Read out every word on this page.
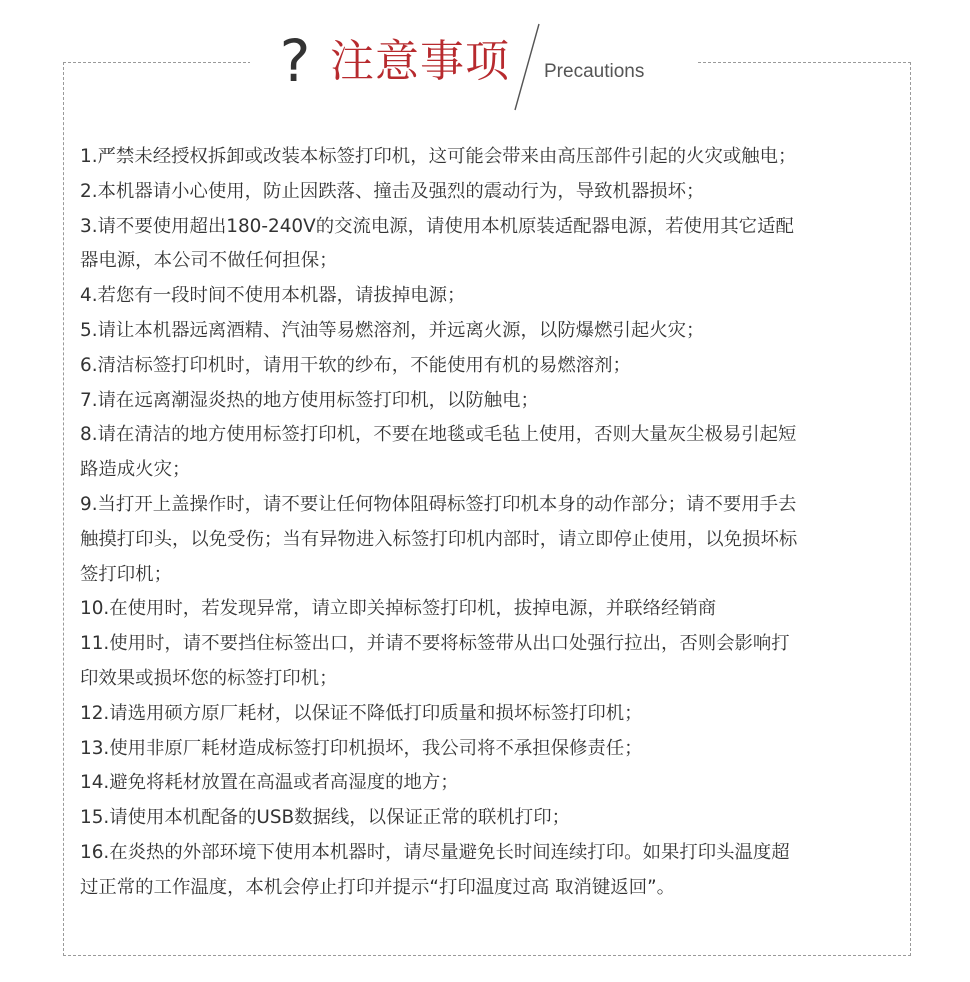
? 注意事项 Precautions
1.严禁未经授权拆卸或改装本标签打印机，这可能会带来由高压部件引起的火灾或触电；
2.本机器请小心使用，防止因跌落、撞击及强烈的震动行为，导致机器损坏；
3.请不要使用超出180-240V的交流电源，请使用本机原装适配器电源，若使用其它适配
器电源，本公司不做任何担保；
4.若您有一段时间不使用本机器，请拔掉电源；
5.请让本机器远离酒精、汽油等易燃溶剂，并远离火源，以防爆燃引起火灾；
6.清洁标签打印机时，请用干软的纱布，不能使用有机的易燃溶剂；
7.请在远离潮湿炎热的地方使用标签打印机，以防触电；
8.请在清洁的地方使用标签打印机，不要在地毯或毛毡上使用，否则大量灰尘极易引起短
路造成火灾；
9.当打开上盖操作时，请不要让任何物体阻碍标签打印机本身的动作部分；请不要用手去
触摸打印头，以免受伤；当有异物进入标签打印机内部时，请立即停止使用，以免损坏标
签打印机；
10.在使用时，若发现异常，请立即关掉标签打印机，拔掉电源，并联络经销商
11.使用时，请不要挡住标签出口，并请不要将标签带从出口处强行拉出，否则会影响打
印效果或损坏您的标签打印机；
12.请选用硕方原厂耗材，以保证不降低打印质量和损坏标签打印机；
13.使用非原厂耗材造成标签打印机损坏，我公司将不承担保修责任；
14.避免将耗材放置在高温或者高湿度的地方；
15.请使用本机配备的USB数据线，以保证正常的联机打印；
16.在炎热的外部环境下使用本机器时，请尽量避免长时间连续打印。如果打印头温度超
过正常的工作温度，本机会停止打印并提示“打印温度过高 取消键返回”。
